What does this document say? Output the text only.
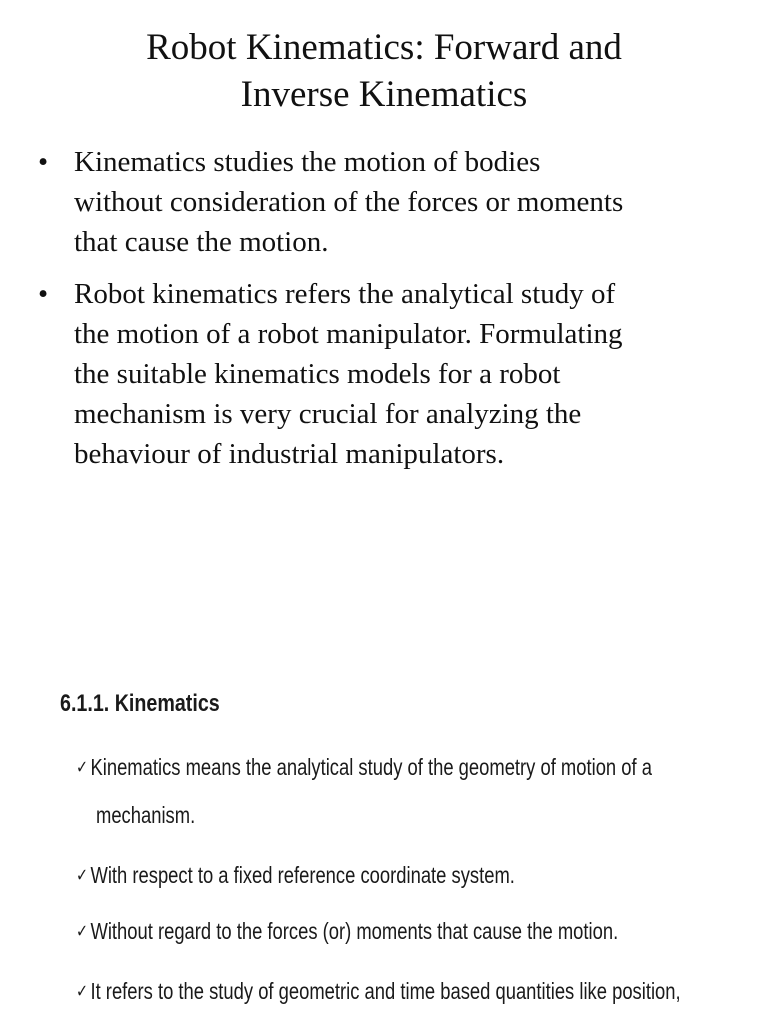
Robot Kinematics: Forward and
Inverse Kinematics
• Kinematics studies the motion of bodies
without consideration of the forces or moments
that cause the motion.
• Robot kinematics refers the analytical study of
the motion of a robot manipulator. Formulating
the suitable kinematics models for a robot
mechanism is very crucial for analyzing the
behaviour of industrial manipulators.
6.1.1. Kinematics
✓ Kinematics means the analytical study of the geometry of motion of a
mechanism.
✓ With respect to a fixed reference coordinate system.
✓ Without regard to the forces (or) moments that cause the motion.
✓ It refers to the study of geometric and time based quantities like position,
